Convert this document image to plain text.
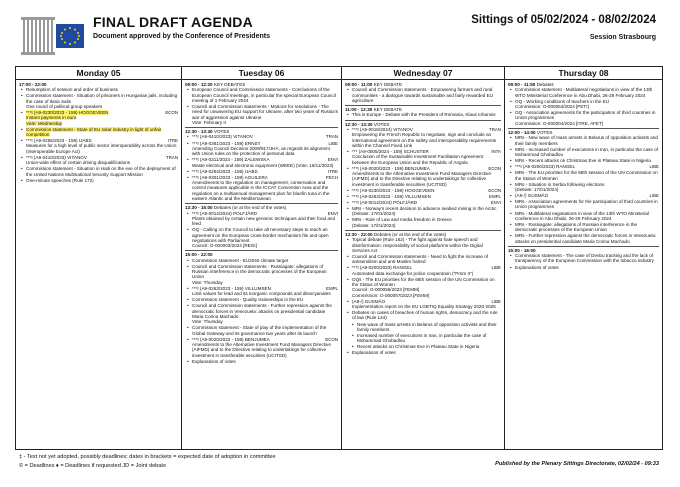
FINAL DRAFT AGENDA
Document approved by the Conference of Presidents
Sittings of 05/02/2024 - 08/02/2024
Session Strasbourg
Monday 05
17:00 - 22:00
• Resumption of session and order of business
• Commission statement - Situation of prisoners in Hungarian jails, including the case of Ilaria Salis
One round of political group speakers
• ECON
***I (A9-0230/2023 - 159) HOOGEVEEN
Instant payments in euro
Vote: Wednesday
• Commission statement - State of EU solar industry in light of unfair competition
• ITRE
***I (A9-0256/2023 - 159) IJABS
Measures for a high level of public sector interoperability across the Union (Interoperable Europe Act)
• TRAN
***I (A9-0410/2023) VITANOV
Union-wide effect of certain driving disqualifications
• Commission statement - Situation in Haiti on the eve of the deployment of the United Nations Multinational Security Support Mission
• One-minute speeches (Rule 172)
Tuesday 06
09:00 - 12:20 KEY DEBATES
• European Council and Commission statements - Conclusions of the European Council meetings, in particular the special European Council meeting of 1 February 2024
• Council and Commission statements - Motions for resolutions - The need for unwavering EU support for Ukraine, after two years of Russia's war of aggression against Ukraine
Vote: February II
12:30 - 13:30 VOTES
• TRAN
***I (A9-0410/2023) VITANOV
• LIBE
***I (A9-0361/2023 - 159) ERNST
Amending Council Decision 2009/917/JHA, as regards its alignment with Union rules on the protection of personal data
• ENVI
***I (A9-0311/2023 - 159) ZALEWSKA
Waste electrical and electronic equipment (WEEE) (Vote: 16/11/2023)
• ITRE
***I (A9-0254/2023 - 159) IJABS
• PECH
***I (A9-0301/2023 - 159) AGUILERA
Amendments to the regulation on management, conservation and control measures applicable in the ICCAT Convention Area and the regulation on a multiannual management plan for bluefin tuna in the eastern Atlantic and the Mediterranean
13:30 - 15:00 Debates (or at the end of the votes)
• ENVI
***I (A9-0014/2024) POLFJÄRD
Plants obtained by certain new genomic techniques and their food and feed
• OQ - Calling on the Council to take all necessary steps to reach an agreement on the European cross-border mechanism file and open negotiations with Parliament
Council: O-000003/2024 [REGI]
15:00 - 22:00
• Commission statement - EU2040 climate target
• Council and Commission statements - Russiagate: allegations of Russian interference in the democratic processes of the European Union
Vote: Thursday
• EMPL
***I (A9-0263/2023 - 159) VILLUMSEN
Limit values for lead and its inorganic compounds and diisocyanates
• Commission statement - Quality traineeships in the EU
• Council and Commission statements - Further repression against the democratic forces in Venezuela: attacks on presidential candidate Maria Corina Machado
Vote: Thursday
• Commission statement - State of play of the implementation of the Global Gateway and its governance two years after its launch
• ECON
***I (A9-0020/2023 - 159) BENJUMEA
Amendments to the Alternative Investment Fund Managers Directive (AIFMD) and to the Directive relating to undertakings for collective investment in transferable securities (UCITSD)
• Explanations of votes
Wednesday 07
09:00 - 11:00 KEY DEBATE
• Council and Commission statements - Empowering farmers and rural communities - a dialogue towards sustainable and fairly rewarded EU agriculture
11:00 - 12:30 KEY DEBATE
• This is Europe - Debate with the President of Romania, Klaus Iohannis
12:30 - 13:30 VOTES
• TRAN
***I (A9-0018/2024) VITANOV
Empowering the French Republic to negotiate, sign and conclude an international agreement on the safety and interoperability requirements within the Channel Fixed Link
• INTA
*** (A9-0005/2024 - 159) SCHUSTER
Conclusion of the Sustainable Investment Facilitation Agreement between the European Union and the Republic of Angola
• ECON
***I (A9-0020/2023 - 159) BENJUMEA
Amendments to the Alternative Investment Fund Managers Directive (AIFMD) and to the Directive relating to undertakings for collective investment in transferable securities (UCITSD)
• ECON
***I (A9-0230/2023 - 159) HOOGEVEEN
• EMPL
***I (A9-0263/2023 - 159) VILLUMSEN
• ENVI
***I (A9-0014/2024) POLFJÄRD
• MRs - Norway's recent decision to advance seabed mining in the Arctic
(Debate: 17/01/2024)
• MRs - Rule of Law and media freedom in Greece
(Debate: 17/01/2024)
13:30 - 22:00 Debates (or at the end of the votes)
• Topical debate (Rule 162) - The fight against hate speech and disinformation: responsibility of social platforms within the Digital Services Act
• Council and Commission statements - Need to fight the increase of antisemitism and anti-Muslim hatred
• LIBE
***I (A9-0200/2023) RANGEL
Automated data exchange for police cooperation ("Prüm II")
• OQs - The EU priorities for the 68th session of the UN Commission on the Status of Women
Council: O-000056/2023 [FEMM]
Commission: O-000057/2023 [FEMM]
• LIBE
(A9-/) GUSMÃO
Implementation report on the EU LGBTIQ Equality Strategy 2020-2025
• Debates on cases of breaches of human rights, democracy and the rule of law (Rule 144)
• New wave of mass arrests in Belarus of opposition activists and their family members
• Increased number of executions in Iran, in particular the case of Mohammad Ghobadlou
• Recent attacks on Christmas Eve in Plateau State in Nigeria
• Explanations of votes
Thursday 08
09:00 - 11:50 Debates
• Commission statement - Multilateral negotiations in view of the 13th WTO Ministerial Conference in Abu Dhabi, 26-29 February 2024
• OQ - Working conditions of teachers in the EU
Commission: O-000064/2024 [PETI]
• OQ - Association agreements for the participation of third countries in Union programmes
Commission: O-000004/2024 [ITRE, AFET]
12:00 - 14:00 VOTES
• MRs - New wave of mass arrests in Belarus of opposition activists and their family members
• MRs - Increased number of executions in Iran, in particular the case of Mohammad Ghobadlou
• MRs - Recent attacks on Christmas Eve in Plateau State in Nigeria
• LIBE
***I (A9-0200/2023) RANGEL
• MRs - The EU priorities for the 68th session of the UN Commission on the Status of Women
• MRs - Situation in Serbia following elections
(Debate: 17/01/2024)
• LIBE
(A9-/) GUSMÃO
• MRs - Association agreements for the participation of third countries in Union programmes
• MRs - Multilateral negotiations in view of the 13th WTO Ministerial Conference in Abu Dhabi, 26-29 February 2024
• MRs - Russiagate: allegations of Russian interference in the democratic processes of the European Union
• MRs - Further repression against the democratic forces in Venezuela: attacks on presidential candidate Maria Corina Machado
15:00 - 16:00
• Commission statement - The case of Denbu tracking and the lack of transparency of the European Commission with the tobacco industry
• Explanations of votes
‡ - Text not yet adopted, possibly deadlines; dates in brackets = expected date of adoption in committee
© = Deadlines ♦ = Deadlines if requested JD = Joint debate	Published by the Plenary Sittings Directorate, 02/02/24 - 09:33
